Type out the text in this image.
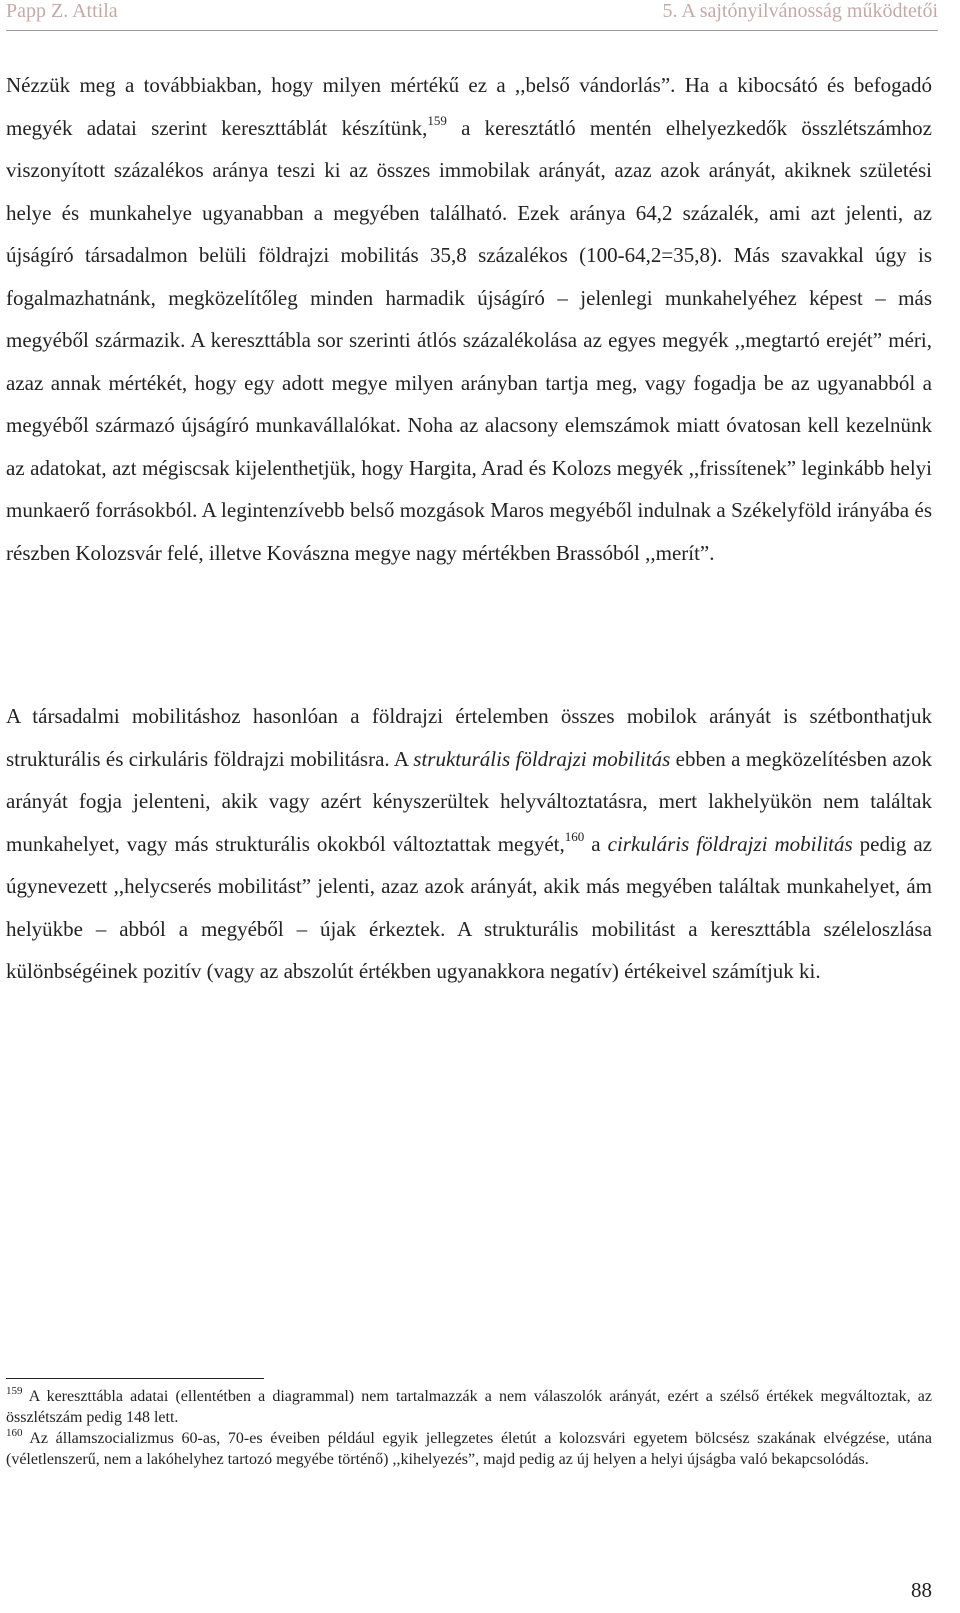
Papp Z. Attila	5. A sajtónyilvánosság működtetői

Nézzük meg a továbbiakban, hogy milyen mértékű ez a ,,belső vándorlás”. Ha a kibocsátó és befogadó megyék adatai szerint kereszttáblát készítünk,$^{159}$ a keresztátló mentén elhelyezkedők összlétszámhoz viszonyított százalékos aránya teszi ki az összes immobilak arányát, azaz azok arányát, akiknek születési helye és munkahelye ugyanabban a megyében található. Ezek aránya 64,2 százalék, ami azt jelenti, az újságíró társadalmon belüli földrajzi mobilitás 35,8 százalékos (100-64,2=35,8). Más szavakkal úgy is fogalmazhatnánk, megközelítőleg minden harmadik újságíró – jelenlegi munkahelyéhez képest – más megyéből származik. A kereszttábla sor szerinti átlós százalékolása az egyes megyék ,,megtartó erejét” méri, azaz annak mértékét, hogy egy adott megye milyen arányban tartja meg, vagy fogadja be az ugyanabból a megyéből származó újságíró munkavállalókat. Noha az alacsony elemszámok miatt óvatosan kell kezelnünk az adatokat, azt mégiscsak kijelenthetjük, hogy Hargita, Arad és Kolozs megyék ,,frissítenek” leginkább helyi munkaerő forrásokból. A legintenzívebb belső mozgások Maros megyéből indulnak a Székelyföld irányába és részben Kolozsvár felé, illetve Kovászna megye nagy mértékben Brassóból ,,merít”.

A társadalmi mobilitáshoz hasonlóan a földrajzi értelemben összes mobilok arányát is szétbonthatjuk strukturális és cirkuláris földrajzi mobilitásra. A strukturális földrajzi mobilitás ebben a megközelítésben azok arányát fogja jelenteni, akik vagy azért kényszerültek helyváltoztatásra, mert lakhelyükön nem találtak munkahelyet, vagy más strukturális okokból változtattak megyét,$^{160}$ a cirkuláris földrajzi mobilitás pedig az úgynevezett ,,helycserés mobilitást” jelenti, azaz azok arányát, akik más megyében találtak munkahelyet, ám helyükbe – abból a megyéből – újak érkeztek. A strukturális mobilitást a kereszttábla széleloszlása különbségéinek pozitív (vagy az abszolút értékben ugyanakkora negatív) értékeivel számítjuk ki.

$^{159}$ A kereszttábla adatai (ellentétben a diagrammal) nem tartalmazzák a nem válaszolók arányát, ezért a szélső értékek megváltoztak, az összlétszám pedig 148 lett.

$^{160}$ Az államszocializmus 60-as, 70-es éveiben például egyik jellegzetes életút a kolozsvári egyetem bölcsész szakának elvégzése, utána (véletlenszerű, nem a lakóhelyhez tartozó megyébe történő) ,,kihelyezés”, majd pedig az új helyen a helyi újságba való bekapcsolódás.

88
